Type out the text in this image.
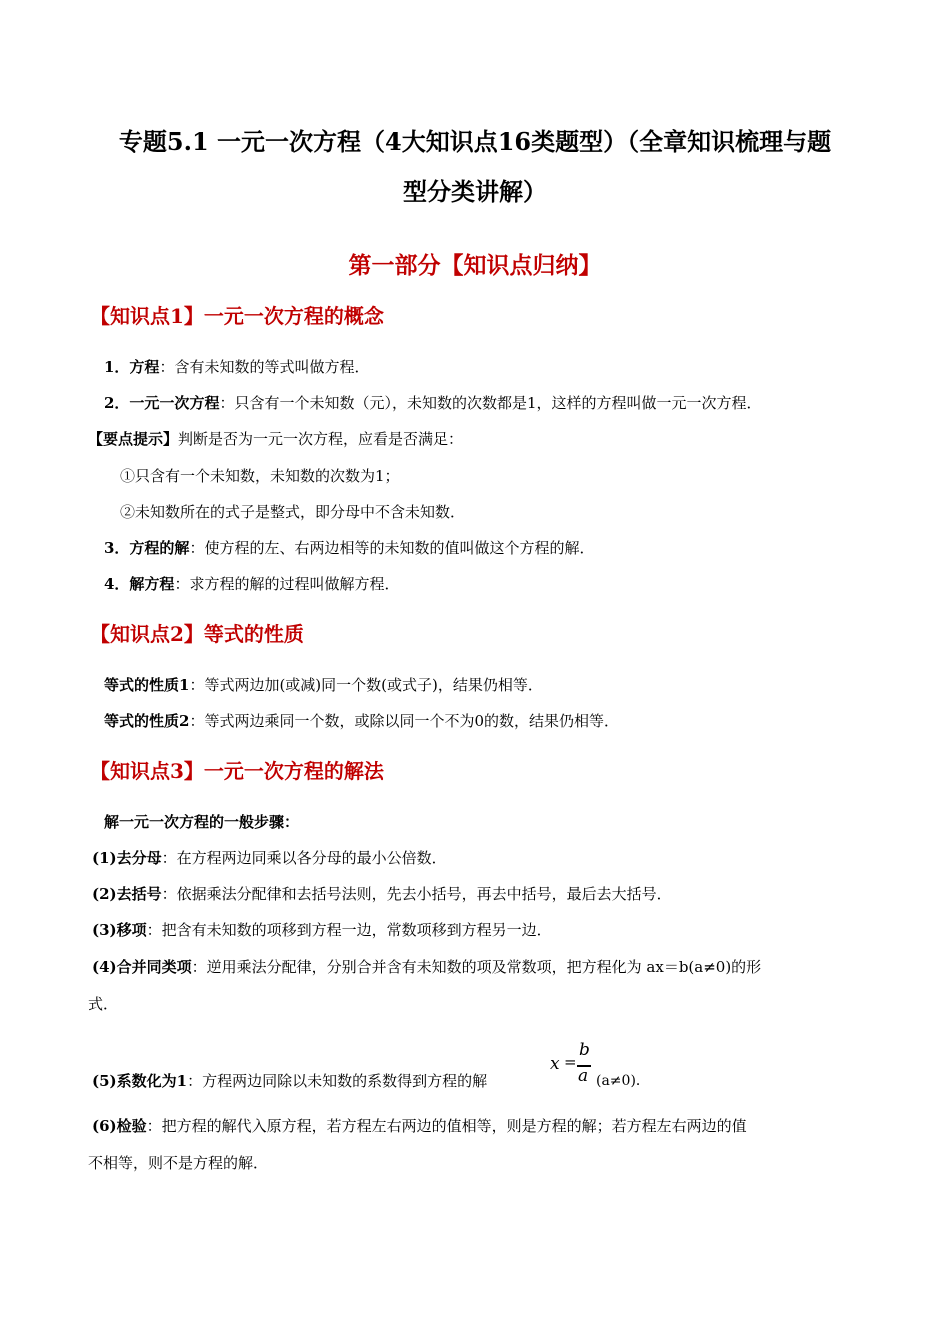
专题5.1 一元一次方程（4大知识点16类题型）（全章知识梳理与题
型分类讲解）
第一部分【知识点归纳】
【知识点1】一元一次方程的概念
1．方程：含有未知数的等式叫做方程．
2．一元一次方程：只含有一个未知数（元），未知数的次数都是1，这样的方程叫做一元一次方程．
【要点提示】判断是否为一元一次方程，应看是否满足：
①只含有一个未知数，未知数的次数为1；
②未知数所在的式子是整式，即分母中不含未知数．
3．方程的解：使方程的左、右两边相等的未知数的值叫做这个方程的解．
4．解方程：求方程的解的过程叫做解方程．
【知识点2】等式的性质
等式的性质1：等式两边加(或减)同一个数(或式子)，结果仍相等．
等式的性质2：等式两边乘同一个数，或除以同一个不为0的数，结果仍相等．
【知识点3】一元一次方程的解法
解一元一次方程的一般步骤：
(1)去分母：在方程两边同乘以各分母的最小公倍数．
(2)去括号：依据乘法分配律和去括号法则，先去小括号，再去中括号，最后去大括号．
(3)移项：把含有未知数的项移到方程一边，常数项移到方程另一边．
(4)合并同类项：逆用乘法分配律，分别合并含有未知数的项及常数项，把方程化为 ax＝b(a≠0)的形
式．
(5)系数化为1：方程两边同除以未知数的系数得到方程的解
x =
b
a (a≠0)．
(6)检验：把方程的解代入原方程，若方程左右两边的值相等，则是方程的解；若方程左右两边的值
不相等，则不是方程的解．
